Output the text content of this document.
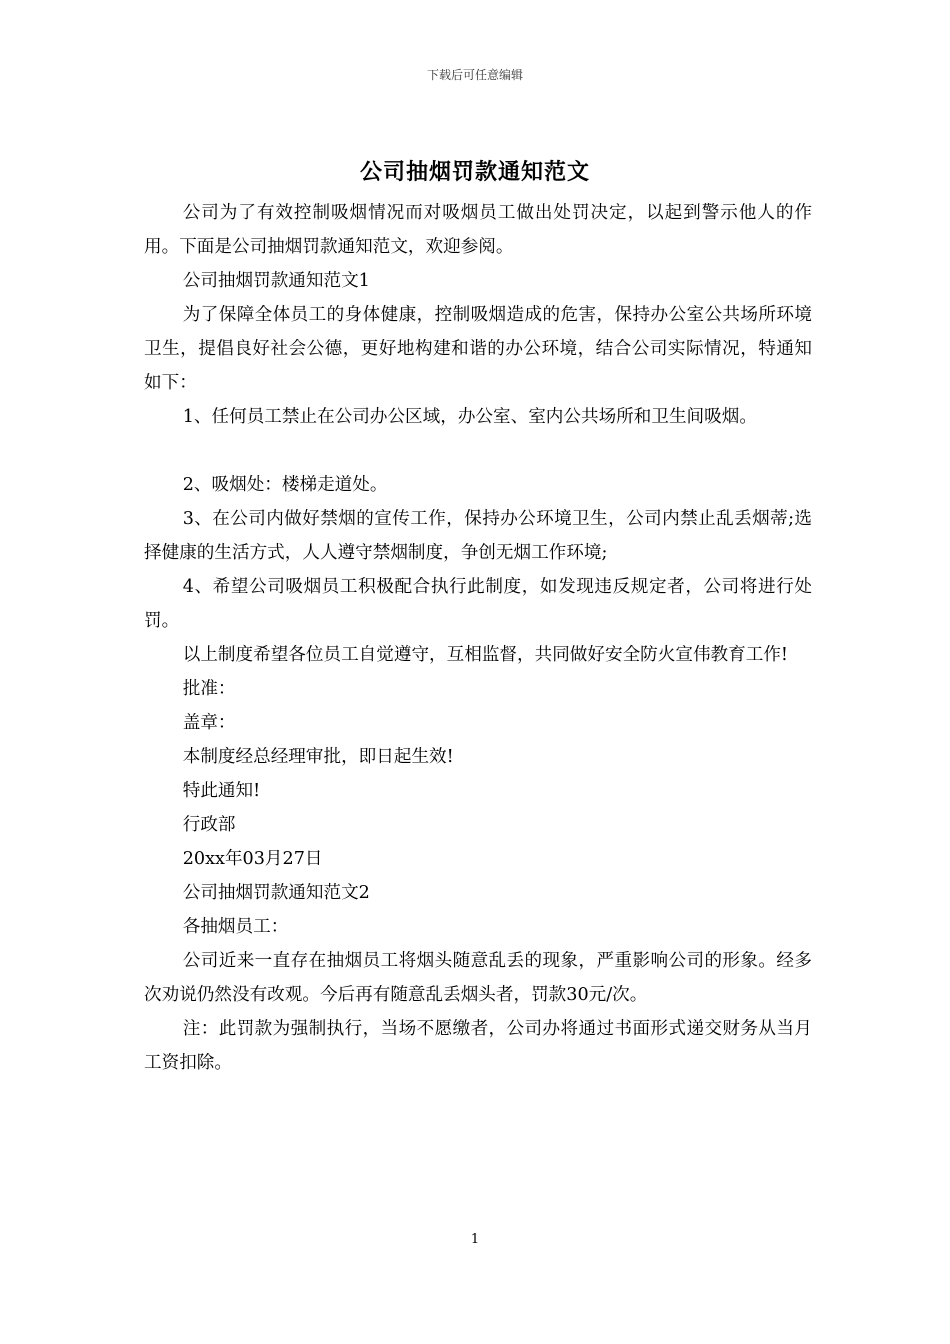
下载后可任意编辑
公司抽烟罚款通知范文

公司为了有效控制吸烟情况而对吸烟员工做出处罚决定，以起到警示他人的作用。下面是公司抽烟罚款通知范文，欢迎参阅。

公司抽烟罚款通知范文1

为了保障全体员工的身体健康，控制吸烟造成的危害，保持办公室公共场所环境卫生，提倡良好社会公德，更好地构建和谐的办公环境，结合公司实际情况，特通知如下：

1、任何员工禁止在公司办公区域，办公室、室内公共场所和卫生间吸烟。

2、吸烟处：楼梯走道处。

3、在公司内做好禁烟的宣传工作，保持办公环境卫生，公司内禁止乱丢烟蒂;选择健康的生活方式，人人遵守禁烟制度，争创无烟工作环境;

4、希望公司吸烟员工积极配合执行此制度，如发现违反规定者，公司将进行处罚。

以上制度希望各位员工自觉遵守，互相监督，共同做好安全防火宣伟教育工作!

批准：

盖章：

本制度经总经理审批，即日起生效!

特此通知!

行政部

20xx年03月27日

公司抽烟罚款通知范文2

各抽烟员工：

公司近来一直存在抽烟员工将烟头随意乱丢的现象，严重影响公司的形象。经多次劝说仍然没有改观。今后再有随意乱丢烟头者，罚款30元/次。

注：此罚款为强制执行，当场不愿缴者，公司办将通过书面形式递交财务从当月工资扣除。

1
